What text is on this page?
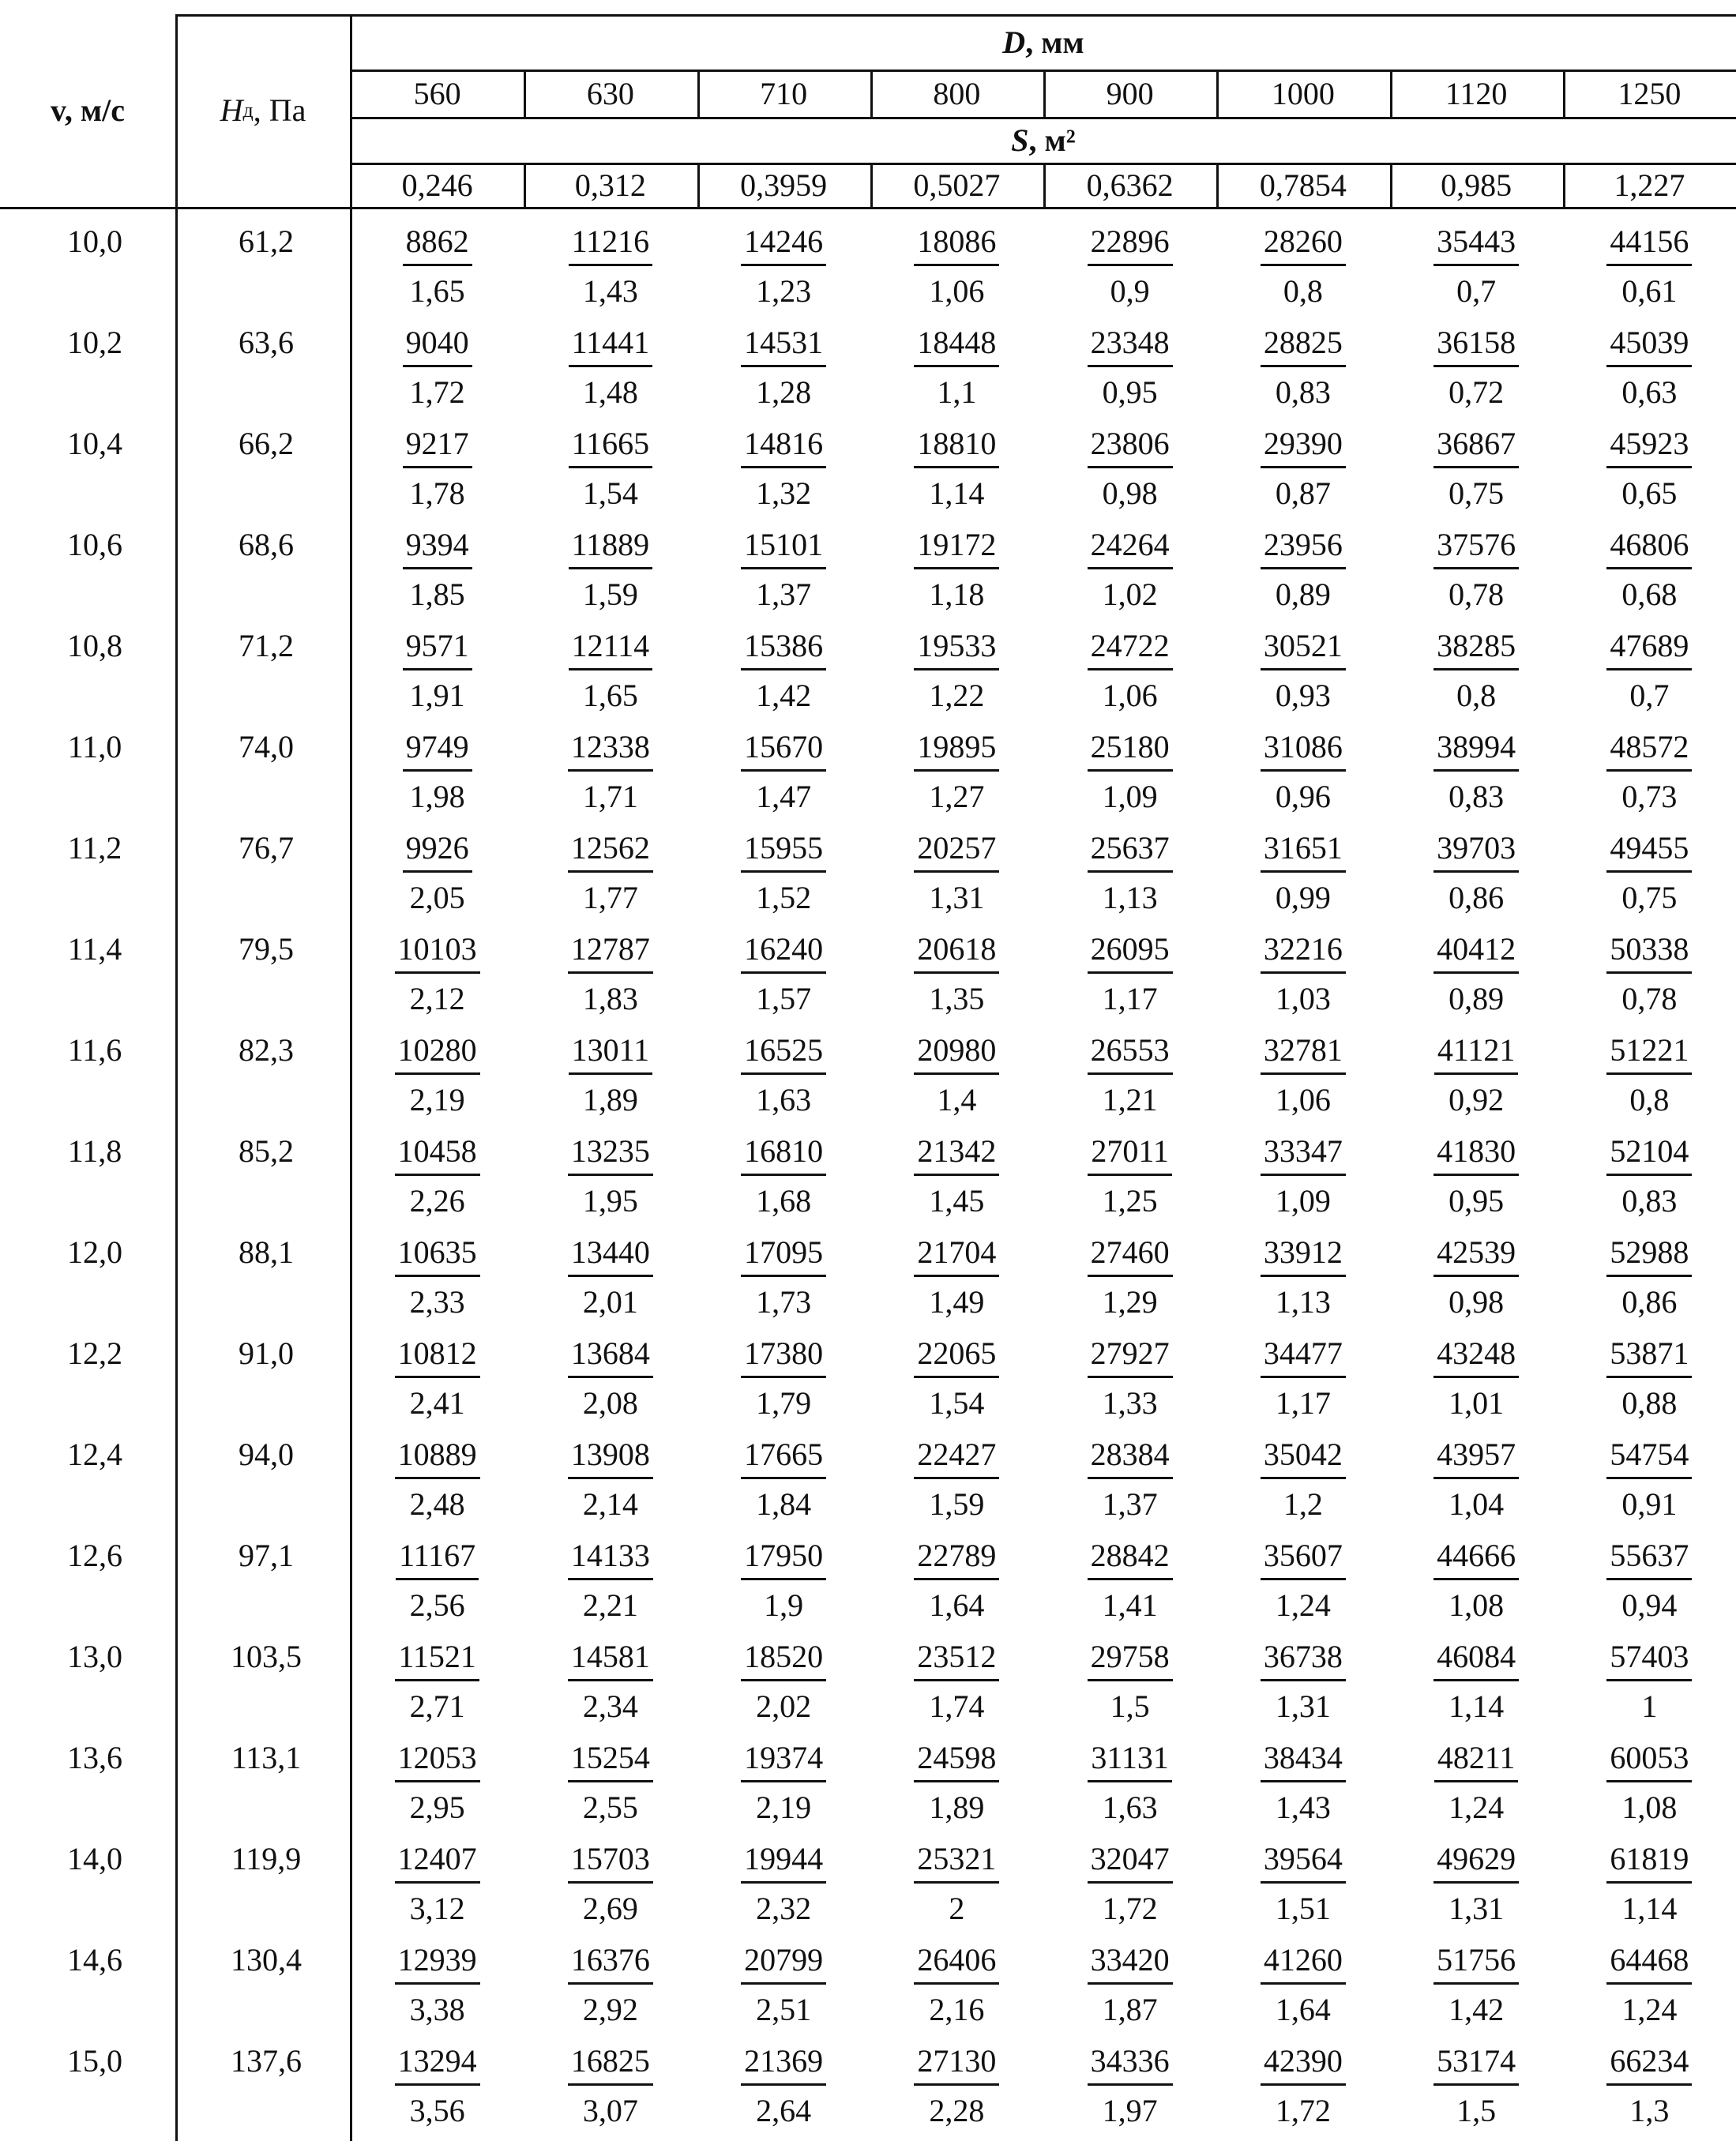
v, м/с	H д , Па
D , мм
S , м²
560	630	710	800	900	1000	1120	1250
0,246	0,312	0,3959	0,5027	0,6362	0,7854	0,985	1,227
10,0	61,2	$\frac{8862}{1,65} \frac{11216}{1,43} \frac{14246}{1,23} \frac{18086}{1,06} \frac{22896}{0,9} \frac{28260}{0,8} \frac{35443}{0,7} \frac{44156}{0,61}$
10,2	63,6	$\frac{9040}{1,72} \frac{11441}{1,48} \frac{14531}{1,28} \frac{18448}{1,1} \frac{23348}{0,95} \frac{28825}{0,83} \frac{36158}{0,72} \frac{45039}{0,63}$
10,4	66,2	$\frac{9217}{1,78} \frac{11665}{1,54} \frac{14816}{1,32} \frac{18810}{1,14} \frac{23806}{0,98} \frac{29390}{0,87} \frac{36867}{0,75} \frac{45923}{0,65}$
10,6	68,6	$\frac{9394}{1,85} \frac{11889}{1,59} \frac{15101}{1,37} \frac{19172}{1,18} \frac{24264}{1,02} \frac{23956}{0,89} \frac{37576}{0,78} \frac{46806}{0,68}$
10,8	71,2	$\frac{9571}{1,91} \frac{12114}{1,65} \frac{15386}{1,42} \frac{19533}{1,22} \frac{24722}{1,06} \frac{30521}{0,93} \frac{38285}{0,8} \frac{47689}{0,7}$
11,0	74,0	$\frac{9749}{1,98} \frac{12338}{1,71} \frac{15670}{1,47} \frac{19895}{1,27} \frac{25180}{1,09} \frac{31086}{0,96} \frac{38994}{0,83} \frac{48572}{0,73}$
11,2	76,7	$\frac{9926}{2,05} \frac{12562}{1,77} \frac{15955}{1,52} \frac{20257}{1,31} \frac{25637}{1,13} \frac{31651}{0,99} \frac{39703}{0,86} \frac{49455}{0,75}$
11,4	79,5	$\frac{10103}{2,12} \frac{12787}{1,83} \frac{16240}{1,57} \frac{20618}{1,35} \frac{26095}{1,17} \frac{32216}{1,03} \frac{40412}{0,89} \frac{50338}{0,78}$
11,6	82,3	$\frac{10280}{2,19} \frac{13011}{1,89} \frac{16525}{1,63} \frac{20980}{1,4} \frac{26553}{1,21} \frac{32781}{1,06} \frac{41121}{0,92} \frac{51221}{0,8}$
11,8	85,2	$\frac{10458}{2,26} \frac{13235}{1,95} \frac{16810}{1,68} \frac{21342}{1,45} \frac{27011}{1,25} \frac{33347}{1,09} \frac{41830}{0,95} \frac{52104}{0,83}$
12,0	88,1	$\frac{10635}{2,33} \frac{13440}{2,01} \frac{17095}{1,73} \frac{21704}{1,49} \frac{27460}{1,29} \frac{33912}{1,13} \frac{42539}{0,98} \frac{52988}{0,86}$
12,2	91,0	$\frac{10812}{2,41} \frac{13684}{2,08} \frac{17380}{1,79} \frac{22065}{1,54} \frac{27927}{1,33} \frac{34477}{1,17} \frac{43248}{1,01} \frac{53871}{0,88}$
12,4	94,0	$\frac{10889}{2,48} \frac{13908}{2,14} \frac{17665}{1,84} \frac{22427}{1,59} \frac{28384}{1,37} \frac{35042}{1,2} \frac{43957}{1,04} \frac{54754}{0,91}$
12,6	97,1	$\frac{11167}{2,56} \frac{14133}{2,21} \frac{17950}{1,9} \frac{22789}{1,64} \frac{28842}{1,41} \frac{35607}{1,24} \frac{44666}{1,08} \frac{55637}{0,94}$
13,0	103,5	$\frac{11521}{2,71} \frac{14581}{2,34} \frac{18520}{2,02} \frac{23512}{1,74} \frac{29758}{1,5} \frac{36738}{1,31} \frac{46084}{1,14} \frac{57403}{1}$
13,6	113,1	$\frac{12053}{2,95} \frac{15254}{2,55} \frac{19374}{2,19} \frac{24598}{1,89} \frac{31131}{1,63} \frac{38434}{1,43} \frac{48211}{1,24} \frac{60053}{1,08}$
14,0	119,9	$\frac{12407}{3,12} \frac{15703}{2,69} \frac{19944}{2,32} \frac{25321}{2} \frac{32047}{1,72} \frac{39564}{1,51} \frac{49629}{1,31} \frac{61819}{1,14}$
14,6	130,4	$\frac{12939}{3,38} \frac{16376}{2,92} \frac{20799}{2,51} \frac{26406}{2,16} \frac{33420}{1,87} \frac{41260}{1,64} \frac{51756}{1,42} \frac{64468}{1,24}$
15,0	137,6	$\frac{13294}{3,56} \frac{16825}{3,07} \frac{21369}{2,64} \frac{27130}{2,28} \frac{34336}{1,97} \frac{42390}{1,72} \frac{53174}{1,5} \frac{66234}{1,3}$
